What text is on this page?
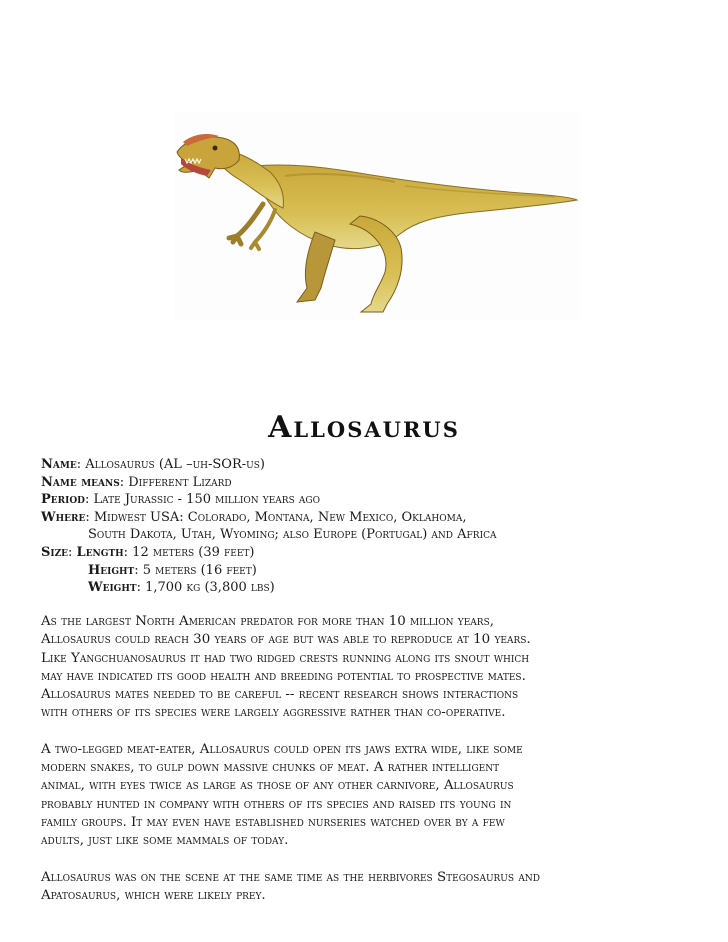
Allosaurus
Name: Allosaurus (AL –uh-SOR-us)
Name means: Different Lizard
Period: Late Jurassic - 150 million years ago
Where: Midwest USA: Colorado, Montana, New Mexico, Oklahoma,
South Dakota, Utah, Wyoming; also Europe (Portugal) and Africa
Size: Length: 12 meters (39 feet)
Height: 5 meters (16 feet)
Weight: 1,700 kg (3,800 lbs)
As the largest North American predator for more than 10 million years,
Allosaurus could reach 30 years of age but was able to reproduce at 10 years.
Like Yangchuanosaurus it had two ridged crests running along its snout which
may have indicated its good health and breeding potential to prospective mates.
Allosaurus mates needed to be careful -- recent research shows interactions
with others of its species were largely aggressive rather than co-operative.
A two-legged meat-eater, Allosaurus could open its jaws extra wide, like some
modern snakes, to gulp down massive chunks of meat. A rather intelligent
animal, with eyes twice as large as those of any other carnivore, Allosaurus
probably hunted in company with others of its species and raised its young in
family groups. It may even have established nurseries watched over by a few
adults, just like some mammals of today.
Allosaurus was on the scene at the same time as the herbivores Stegosaurus and
Apatosaurus, which were likely prey.
